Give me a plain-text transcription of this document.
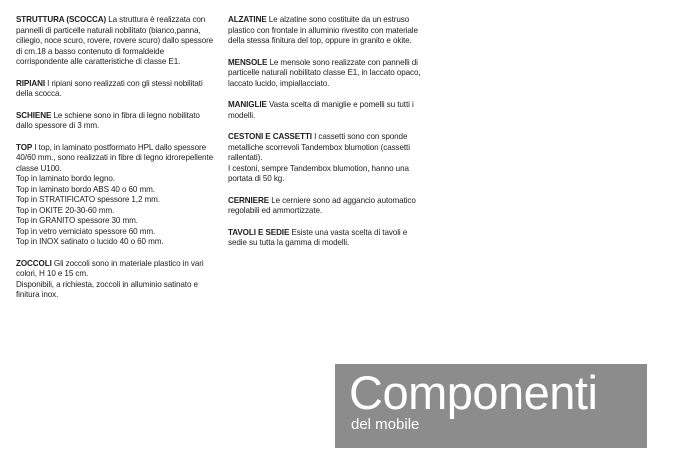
STRUTTURA (SCOCCA) La struttura è realizzata con pannelli di particelle naturali nobilitato (bianco,panna, ciliegio, noce scuro, rovere, rovere scuro) dallo spessore di cm.18 a basso contenuto di formaldeide corrispondente alle caratteristiche di classe E1.
RIPIANI I ripiani sono realizzati con gli stessi nobilitati della scocca.
SCHIENE Le schiene sono in fibra di legno nobilitato dallo spessore di 3 mm.
TOP I top, in laminato postformato HPL dallo spessore 40/60 mm., sono realizzati in fibre di legno idrorepellente classe U100.
Top in laminato bordo legno.
Top in laminato bordo ABS 40 o 60 mm.
Top in STRATIFICATO spessore 1,2 mm.
Top in OKITE 20-30-60 mm.
Top in GRANITO spessore 30 mm.
Top in vetro verniciato spessore 60 mm.
Top in INOX satinato o lucido 40 o 60 mm.
ZOCCOLI Gli zoccoli sono in materiale plastico in vari colori, H 10 e 15 cm.
Disponibili, a richiesta, zoccoli in alluminio satinato e finitura inox.
ALZATINE Le alzatine sono costituite da un estruso plastico con frontale in alluminio rivestito con materiale della stessa finitura del top, oppure in granito e okite.
MENSOLE Le mensole sono realizzate con pannelli di particelle naturali nobilitato classe E1, in laccato opaco, laccato lucido, impiallacciato.
MANIGLIE Vasta scelta di maniglie e pomelli su tutti i modelli.
CESTONI E CASSETTI I cassetti sono con sponde metalliche scorrevoli Tandembox blumotion (cassetti rallentati).
I cestoni, sempre Tandembox blumotion, hanno una portata di 50 kg.
CERNIERE Le cerniere sono ad aggancio automatico regolabili ed ammortizzate.
TAVOLI E SEDIE Esiste una vasta scelta di tavoli e sedie su tutta la gamma di modelli.
Componenti
del mobile
